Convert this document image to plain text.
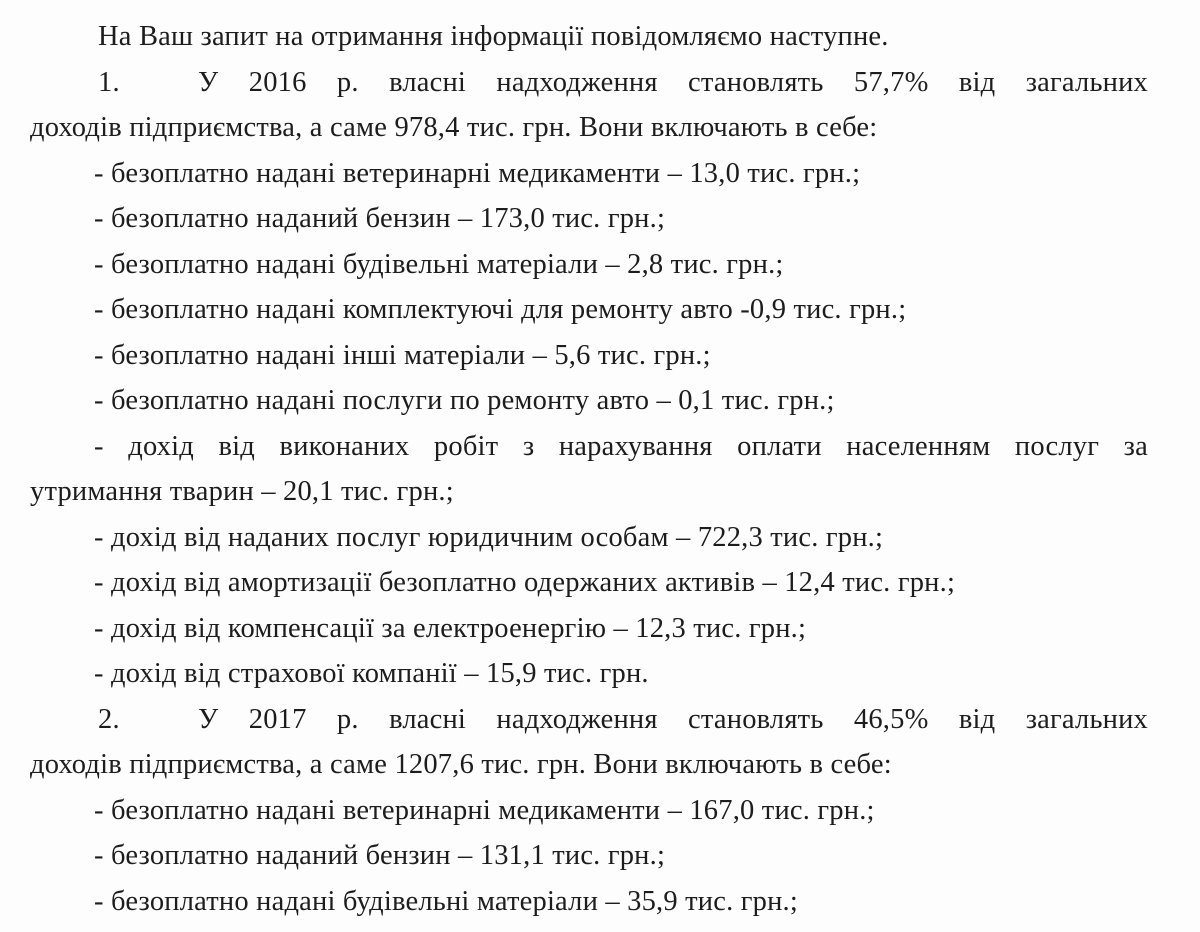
На Ваш запит на отримання інформації повідомляємо наступне.
1.	У 2016 р. власні надходження становлять 57,7% від загальних
доходів підприємства, а саме 978,4 тис. грн. Вони включають в себе:
- безоплатно надані ветеринарні медикаменти – 13,0 тис. грн.;
- безоплатно наданий бензин – 173,0 тис. грн.;
- безоплатно надані будівельні матеріали – 2,8 тис. грн.;
- безоплатно надані комплектуючі для ремонту авто -0,9 тис. грн.;
- безоплатно надані інші матеріали – 5,6 тис. грн.;
- безоплатно надані послуги по ремонту авто – 0,1 тис. грн.;
- дохід від виконаних робіт з нарахування оплати населенням послуг за
утримання тварин – 20,1 тис. грн.;
- дохід від наданих послуг юридичним особам – 722,3 тис. грн.;
- дохід від амортизації безоплатно одержаних активів – 12,4 тис. грн.;
- дохід від компенсації за електроенергію – 12,3 тис. грн.;
- дохід від страхової компанії – 15,9 тис. грн.
2.	У 2017 р. власні надходження становлять 46,5% від загальних
доходів підприємства, а саме 1207,6 тис. грн. Вони включають в себе:
- безоплатно надані ветеринарні медикаменти – 167,0 тис. грн.;
- безоплатно наданий бензин – 131,1 тис. грн.;
- безоплатно надані будівельні матеріали – 35,9 тис. грн.;
